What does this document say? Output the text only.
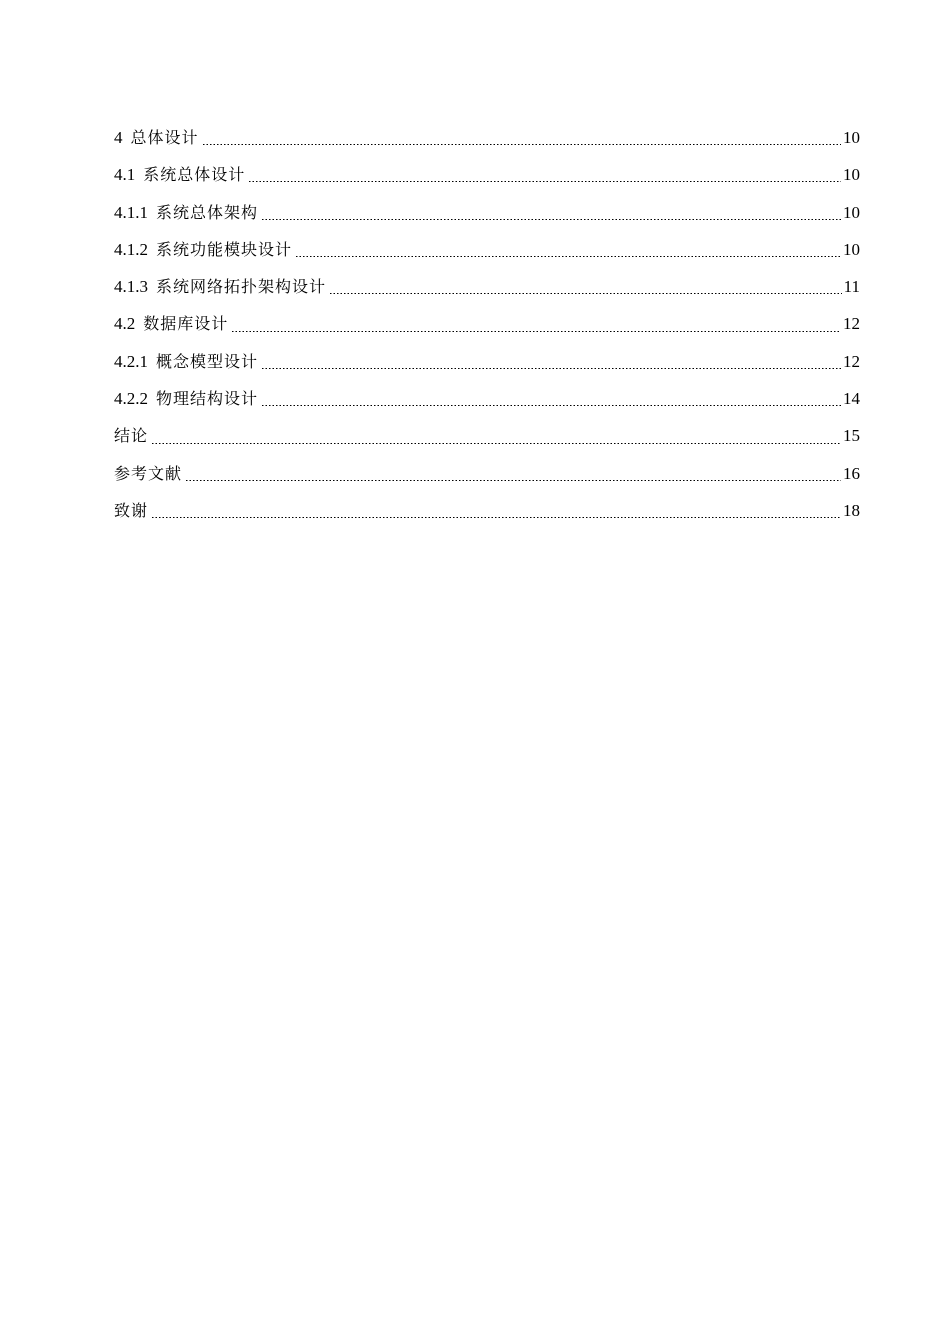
4 总体设计	10
4.1 系统总体设计	10
4.1.1 系统总体架构	10
4.1.2 系统功能模块设计	10
4.1.3 系统网络拓扑架构设计	11
4.2 数据库设计	12
4.2.1 概念模型设计	12
4.2.2 物理结构设计	14
结论	15
参考文献	16
致谢	18
